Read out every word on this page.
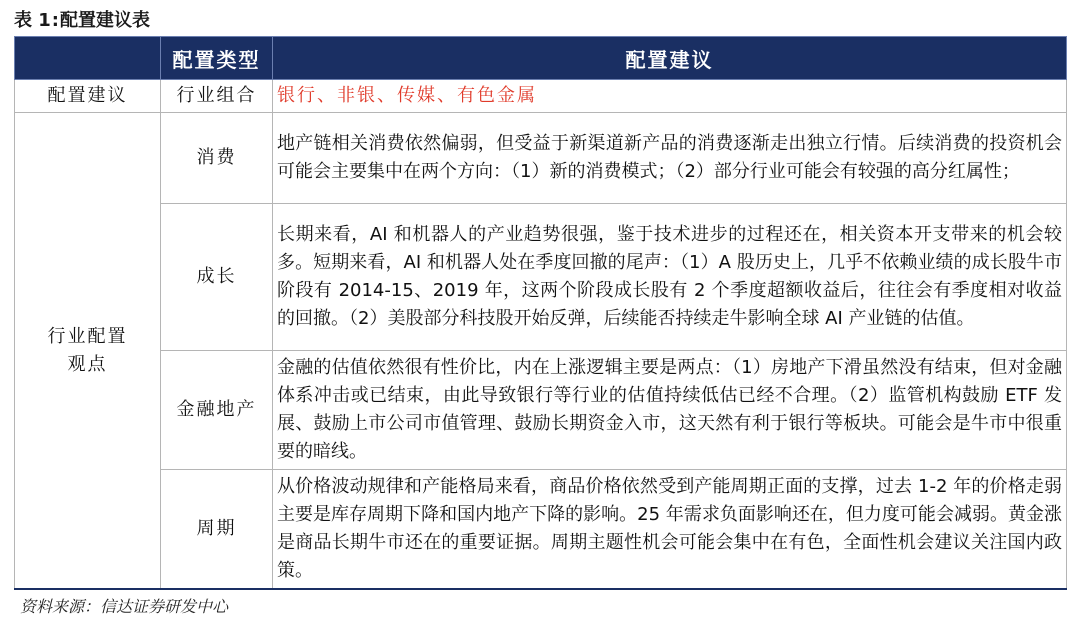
表 1:配置建议表
	配置类型	配置建议
配置建议	行业组合	银行、非银、传媒、有色金属

行业配置
观点	消费	地产链相关消费依然偏弱，但受益于新渠道新产品的消费逐渐走出独立行情。后续消费的投资机会可能会主要集中在两个方向：（1）新的消费模式；（2）部分行业可能会有较强的高分红属性；
	成长	长期来看，AI 和机器人的产业趋势很强，鉴于技术进步的过程还在，相关资本开支带来的机会较多。短期来看，AI 和机器人处在季度回撤的尾声：（1）A 股历史上，几乎不依赖业绩的成长股牛市阶段有 2014-15、2019 年，这两个阶段成长股有 2 个季度超额收益后，往往会有季度相对收益的回撤。（2）美股部分科技股开始反弹，后续能否持续走牛影响全球 AI 产业链的估值。
	金融地产	金融的估值依然很有性价比，内在上涨逻辑主要是两点：（1）房地产下滑虽然没有结束，但对金融体系冲击或已结束，由此导致银行等行业的估值持续低估已经不合理。（2）监管机构鼓励 ETF 发展、鼓励上市公司市值管理、鼓励长期资金入市，这天然有利于银行等板块。可能会是牛市中很重要的暗线。
	周期	从价格波动规律和产能格局来看，商品价格依然受到产能周期正面的支撑，过去 1-2 年的价格走弱主要是库存周期下降和国内地产下降的影响。25 年需求负面影响还在，但力度可能会减弱。黄金涨是商品长期牛市还在的重要证据。周期主题性机会可能会集中在有色，全面性机会建议关注国内政策。
资料来源：信达证券研发中心
